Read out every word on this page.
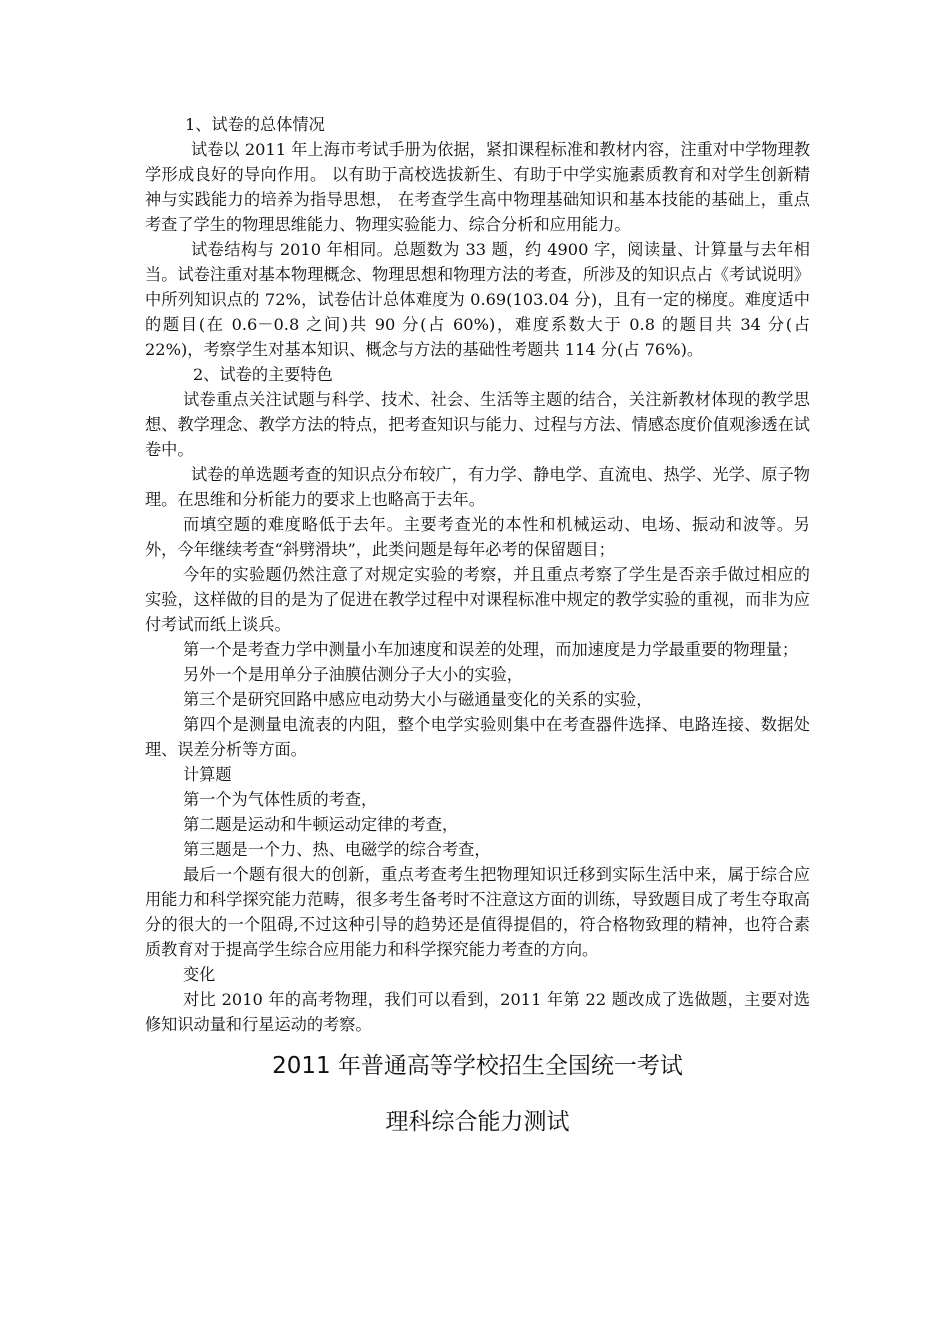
1、试卷的总体情况

试卷以 2011 年上海市考试手册为依据，紧扣课程标准和教材内容，注重对中学物理教学形成良好的导向作用。 以有助于高校选拔新生、有助于中学实施素质教育和对学生创新精神与实践能力的培养为指导思想， 在考查学生高中物理基础知识和基本技能的基础上，重点考查了学生的物理思维能力、物理实验能力、综合分析和应用能力。

试卷结构与 2010 年相同。总题数为 33 题，约 4900 字，阅读量、计算量与去年相当。试卷注重对基本物理概念、物理思想和物理方法的考查，所涉及的知识点占《考试说明》中所列知识点的 72%，试卷估计总体难度为 0.69(103.04 分)，且有一定的梯度。难度适中的题目(在 0.6－0.8 之间)共 90 分(占 60%)，难度系数大于 0.8 的题目共 34 分(占 22%)，考察学生对基本知识、概念与方法的基础性考题共 114 分(占 76%)。

2、试卷的主要特色

试卷重点关注试题与科学、技术、社会、生活等主题的结合，关注新教材体现的教学思想、教学理念、教学方法的特点，把考查知识与能力、过程与方法、情感态度价值观渗透在试卷中。

试卷的单选题考查的知识点分布较广，有力学、静电学、直流电、热学、光学、原子物理。在思维和分析能力的要求上也略高于去年。

而填空题的难度略低于去年。主要考查光的本性和机械运动、电场、振动和波等。另外，今年继续考查“斜劈滑块”，此类问题是每年必考的保留题目；

今年的实验题仍然注意了对规定实验的考察，并且重点考察了学生是否亲手做过相应的实验，这样做的目的是为了促进在教学过程中对课程标准中规定的教学实验的重视，而非为应付考试而纸上谈兵。

第一个是考查力学中测量小车加速度和误差的处理，而加速度是力学最重要的物理量；

另外一个是用单分子油膜估测分子大小的实验，

第三个是研究回路中感应电动势大小与磁通量变化的关系的实验，

第四个是测量电流表的内阻，整个电学实验则集中在考查器件选择、电路连接、数据处理、误差分析等方面。

计算题

第一个为气体性质的考查，

第二题是运动和牛顿运动定律的考查，

第三题是一个力、热、电磁学的综合考查，

最后一个题有很大的创新，重点考查考生把物理知识迁移到实际生活中来，属于综合应用能力和科学探究能力范畴，很多考生备考时不注意这方面的训练，导致题目成了考生夺取高分的很大的一个阻碍,不过这种引导的趋势还是值得提倡的，符合格物致理的精神，也符合素质教育对于提高学生综合应用能力和科学探究能力考查的方向。

变化

对比 2010 年的高考物理，我们可以看到，2011 年第 22 题改成了选做题，主要对选修知识动量和行星运动的考察。

2011 年普通高等学校招生全国统一考试

理科综合能力测试
